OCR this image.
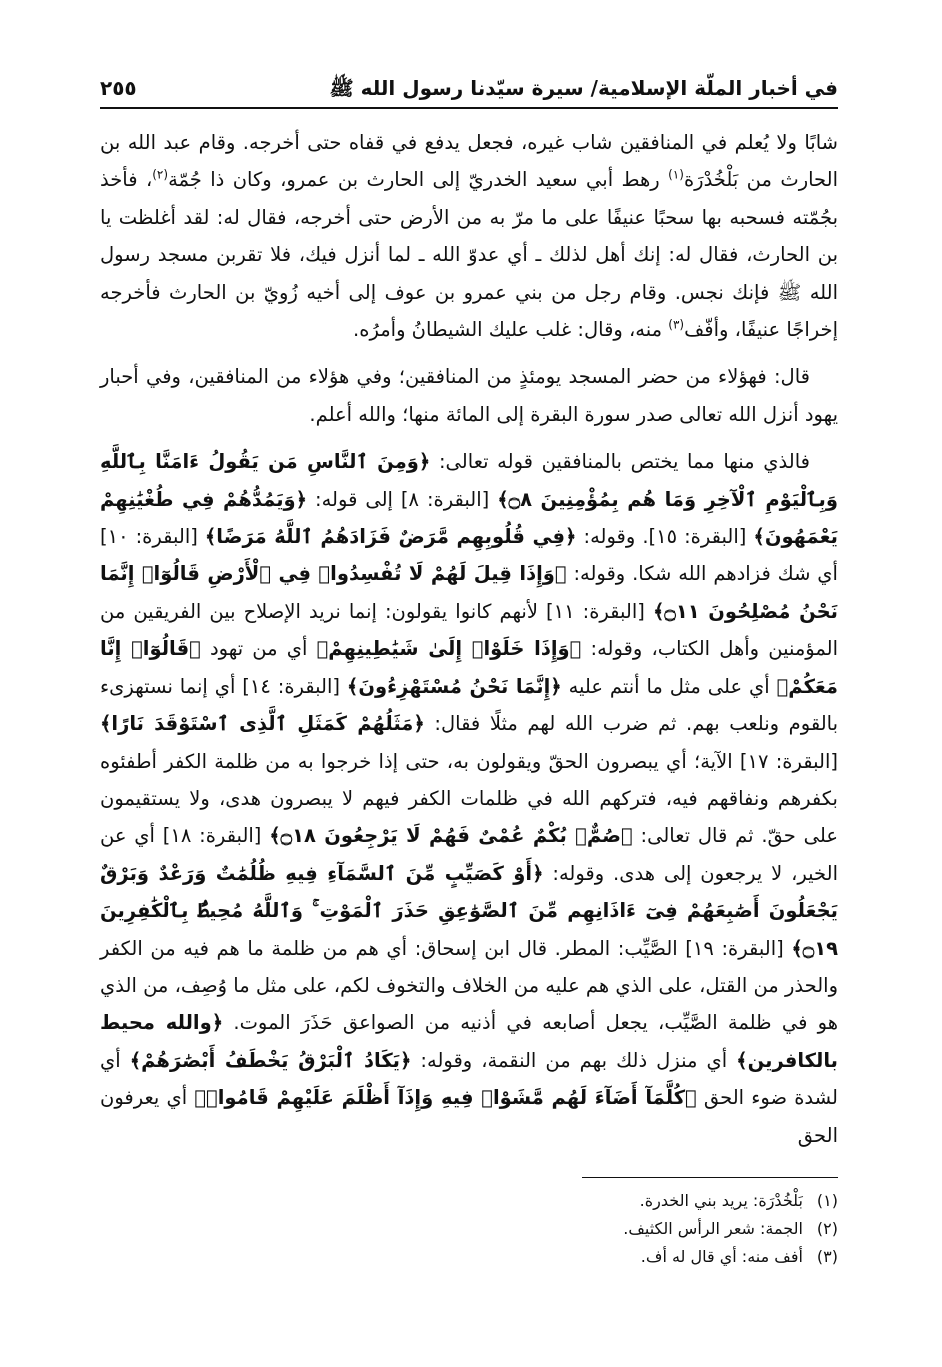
في أخبار الملّة الإسلامية/ سيرة سيّدنا رسول الله ﷺ
٢٥٥

شابًا ولا يُعلم في المنافقين شاب غيره، فجعل يدفع في قفاه حتى أخرجه. وقام عبد الله بن الحارث من بَلْخُدْرَة$^{(١)}$ رهط أبي سعيد الخدريّ إلى الحارث بن عمرو، وكان ذا جُمّة$^{(٢)}$، فأخذ بجُمّته فسحبه بها سحبًا عنيفًا على ما مرّ به من الأرض حتى أخرجه، فقال له: لقد أغلظت يا بن الحارث، فقال له: إنك أهل لذلك ـ أي عدوّ الله ـ لما أنزل فيك، فلا تقربن مسجد رسول الله ﷺ فإنك نجس. وقام رجل من بني عمرو بن عوف إلى أخيه زُويّ بن الحارث فأخرجه إخراجًا عنيفًا، وأفّف$^{(٣)}$ منه، وقال: غلب عليك الشيطانُ وأمرُه.

قال: فهؤلاء من حضر المسجد يومئذٍ من المنافقين؛ وفي هؤلاء من المنافقين، وفي أحبار يهود أنزل الله تعالى صدر سورة البقرة إلى المائة منها؛ والله أعلم.

فالذي منها مما يختص بالمنافقين قوله تعالى: ﴿وَمِنَ ٱلنَّاسِ مَن يَقُولُ ءَامَنَّا بِٱللَّهِ وَبِٱلْيَوْمِ ٱلْآخِرِ وَمَا هُم بِمُؤْمِنِينَ ۝٨﴾ [البقرة: ٨] إلى قوله: ﴿وَيَمُدُّهُمْ فِي طُغْيَٰنِهِمْ يَعْمَهُونَ﴾ [البقرة: ١٥]. وقوله: ﴿فِي قُلُوبِهِم مَّرَضٌ فَزَادَهُمُ ٱللَّهُ مَرَضًا﴾ [البقرة: ١٠] أي شك فزادهم الله شكا. وقوله: ﴿وَإِذَا قِيلَ لَهُمْ لَا تُفْسِدُوا۟ فِي ٱلْأَرْضِ قَالُوٓا۟ إِنَّمَا نَحْنُ مُصْلِحُونَ ۝١١﴾ [البقرة: ١١] لأنهم كانوا يقولون: إنما نريد الإصلاح بين الفريقين من المؤمنين وأهل الكتاب، وقوله: ﴿وَإِذَا خَلَوْا۟ إِلَىٰ شَيَٰطِينِهِمْ﴾ أي من تهود ﴿قَالُوٓا۟ إِنَّا مَعَكُمْ﴾ أي على مثل ما أنتم عليه ﴿إِنَّمَا نَحْنُ مُسْتَهْزِءُونَ﴾ [البقرة: ١٤] أي إنما نستهزىء بالقوم ونلعب بهم. ثم ضرب الله لهم مثلًا فقال: ﴿مَثَلُهُمْ كَمَثَلِ ٱلَّذِى ٱسْتَوْقَدَ نَارًا﴾ [البقرة: ١٧] الآية؛ أي يبصرون الحقّ ويقولون به، حتى إذا خرجوا به من ظلمة الكفر أطفئوه بكفرهم ونفاقهم فيه، فتركهم الله في ظلمات الكفر فيهم لا يبصرون هدى، ولا يستقيمون على حقّ. ثم قال تعالى: ﴿صُمٌّۢ بُكْمٌ عُمْىٌ فَهُمْ لَا يَرْجِعُونَ ۝١٨﴾ [البقرة: ١٨] أي عن الخير، لا يرجعون إلى هدى. وقوله: ﴿أَوْ كَصَيِّبٍ مِّنَ ٱلسَّمَآءِ فِيهِ ظُلُمَٰتٌ وَرَعْدٌ وَبَرْقٌ يَجْعَلُونَ أَصَٰبِعَهُمْ فِىٓ ءَاذَانِهِم مِّنَ ٱلصَّوَٰعِقِ حَذَرَ ٱلْمَوْتِ ۚ وَٱللَّهُ مُحِيطٌۢ بِٱلْكَٰفِرِينَ ۝١٩﴾ [البقرة: ١٩] الصَّيِّب: المطر. قال ابن إسحاق: أي هم من ظلمة ما هم فيه من الكفر والحذر من القتل، على الذي هم عليه من الخلاف والتخوف لكم، على مثل ما وُصِف، من الذي هو في ظلمة الصَّيِّب، يجعل أصابعه في أذنيه من الصواعق حَذَرَ الموت. ﴿والله محيط بالكافرين﴾ أي منزل ذلك بهم من النقمة، وقوله: ﴿يَكَادُ ٱلْبَرْقُ يَخْطَفُ أَبْصَٰرَهُمْ﴾ أي لشدة ضوء الحق ﴿كُلَّمَآ أَضَآءَ لَهُم مَّشَوْا۟ فِيهِ وَإِذَآ أَظْلَمَ عَلَيْهِمْ قَامُوا۟﴾ أي يعرفون الحق

(١) بَلْخُدْرَة: يريد بني الخدرة.

(٢) الجمة: شعر الرأس الكثيف.

(٣) أفف منه: أي قال له أف.
